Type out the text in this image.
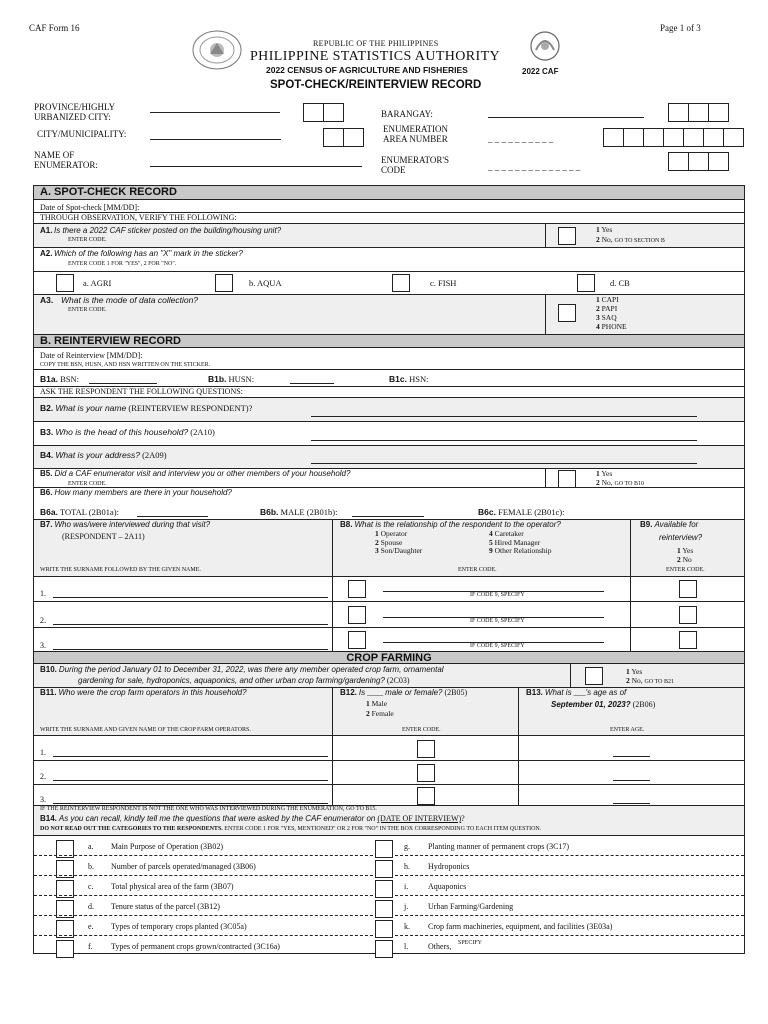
CAF Form 16	Page 1 of 3
REPUBLIC OF THE PHILIPPINES
PHILIPPINE STATISTICS AUTHORITY
2022 CENSUS OF AGRICULTURE AND FISHERIES	2022 CAF
SPOT-CHECK/REINTERVIEW RECORD
PROVINCE/HIGHLY URBANIZED CITY:
CITY/MUNICIPALITY:
NAME OF ENUMERATOR:
BARANGAY:
ENUMERATION AREA NUMBER	_ _ _ _ _ _ _ _ _ _
ENUMERATOR'S CODE	_ _ _ _ _ _ _ _ _ _ _ _ _ _
A. SPOT-CHECK RECORD
Date of Spot-check [MM/DD]:
THROUGH OBSERVATION, VERIFY THE FOLLOWING:
A1. Is there a 2022 CAF sticker posted on the building/housing unit?
ENTER CODE.
1 Yes
2 No, GO TO SECTION B
A2. Which of the following has an "X" mark in the sticker?
ENTER CODE 1 FOR "YES", 2 FOR "NO".
a. AGRI	b. AQUA	c. FISH	d. CB
A3. What is the mode of data collection?
ENTER CODE.
1 CAPI
2 PAPI
3 SAQ
4 PHONE
B. REINTERVIEW RECORD
Date of Reinterview [MM/DD]:
COPY THE BSN, HUSN, AND HSN WRITTEN ON THE STICKER.
B1a. BSN:	B1b. HUSN:	B1c. HSN:
ASK THE RESPONDENT THE FOLLOWING QUESTIONS:
B2. What is your name (REINTERVIEW RESPONDENT)?
B3. Who is the head of this household? (2A10)
B4. What is your address? (2A09)
B5. Did a CAF enumerator visit and interview you or other members of your household?
ENTER CODE.
1 Yes
2 No, GO TO B10
B6. How many members are there in your household?
B6a. TOTAL (2B01a):	B6b. MALE (2B01b):	B6c. FEMALE (2B01c):
B7. Who was/were interviewed during that visit?
(RESPONDENT – 2A11)
WRITE THE SURNAME FOLLOWED BY THE GIVEN NAME.
B8. What is the relationship of the respondent to the operator?
1 Operator
2 Spouse
3 Son/Daughter
4 Caretaker
5 Hired Manager
9 Other Relationship
ENTER CODE.
B9. Available for
reinterview?
1 Yes
2 No
ENTER CODE.
1.	IF CODE 9, SPECIFY
2.	IF CODE 9, SPECIFY
3.	IF CODE 9, SPECIFY
CROP FARMING
B10. During the period January 01 to December 31, 2022, was there any member operated crop farm, ornamental
gardening for sale, hydroponics, aquaponics, and other urban crop farming/gardening? (2C03)
1 Yes
2 No, GO TO B21
B11. Who were the crop farm operators in this household?
WRITE THE SURNAME AND GIVEN NAME OF THE CROP FARM OPERATORS.
B12. Is ____ male or female? (2B05)
1 Male
2 Female
ENTER CODE.
B13. What is ___'s age as of
September 01, 2023? (2B06)
ENTER AGE.
1.
2.
3.
IF THE REINTERVIEW RESPONDENT IS NOT THE ONE WHO WAS INTERVIEWED DURING THE ENUMERATION, GO TO B15.
B14. As you can recall, kindly tell me the questions that were asked by the CAF enumerator on (DATE OF INTERVIEW)?
DO NOT READ OUT THE CATEGORIES TO THE RESPONDENTS. ENTER CODE 1 FOR "YES, MENTIONED" OR 2 FOR "NO" IN THE BOX CORRESPONDING TO EACH ITEM QUESTION.
a. Main Purpose of Operation (3B02)
b. Number of parcels operated/managed (3B06)
c. Total physical area of the farm (3B07)
d. Tenure status of the parcel (3B12)
e. Types of temporary crops planted (3C05a)
f. Types of permanent crops grown/contracted (3C16a)
g. Planting manner of permanent crops (3C17)
h. Hydroponics
i. Aquaponics
j. Urban Farming/Gardening
k. Crop farm machineries, equipment, and facilities (3E03a)
l. Others, SPECIFY
